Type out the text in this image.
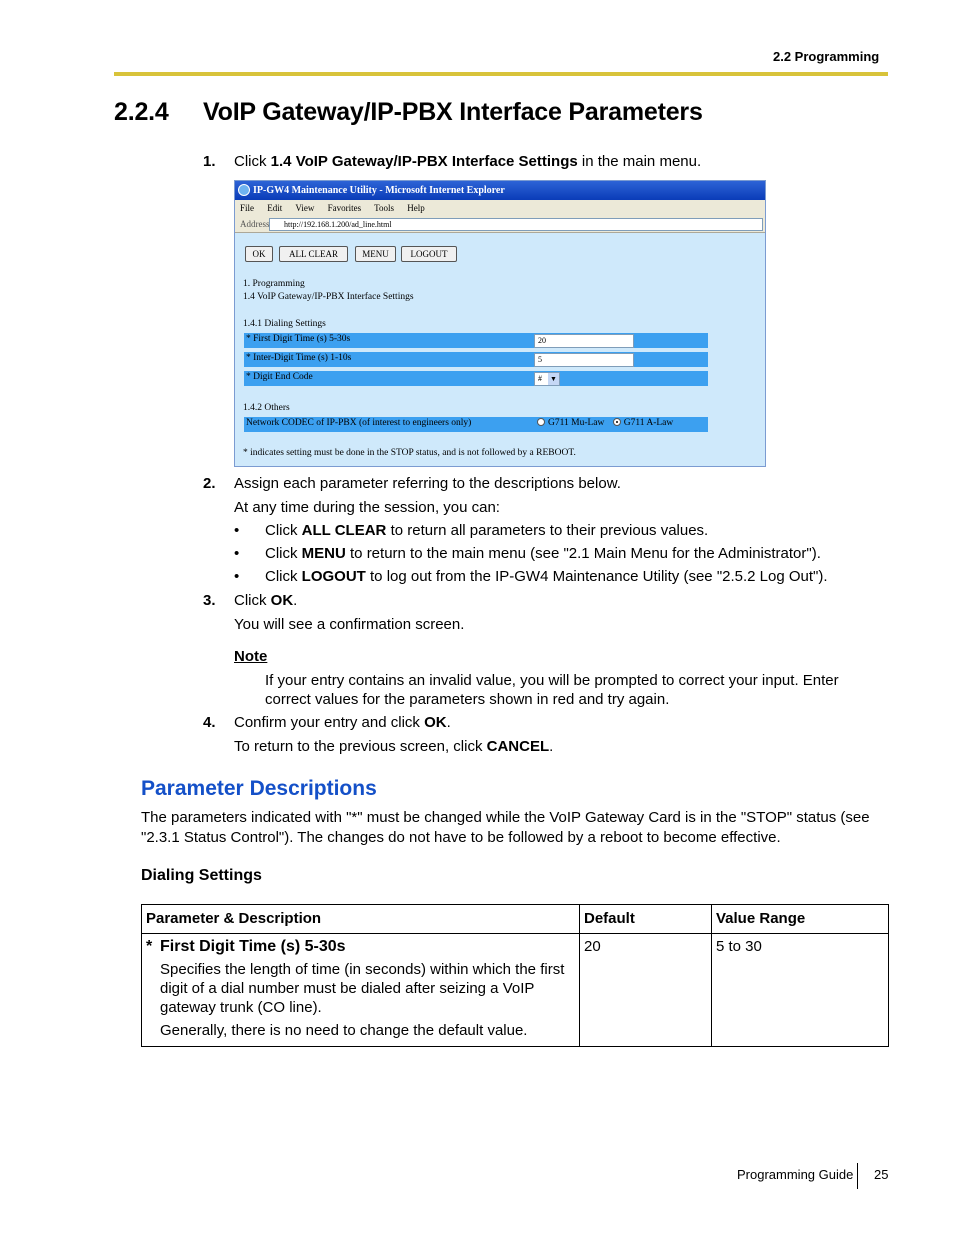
2.2 Programming
2.2.4 VoIP Gateway/IP-PBX Interface Parameters
1. Click 1.4 VoIP Gateway/IP-PBX Interface Settings in the main menu.
IP-GW4 Maintenance Utility - Microsoft Internet Explorer
File Edit View Favorites Tools Help
Address	http://192.168.1.200/ad_line.html
OK	ALL CLEAR	MENU	LOGOUT
1. Programming
1.4 VoIP Gateway/IP-PBX Interface Settings
1.4.1 Dialing Settings
* First Digit Time (s) 5-30s	20
* Inter-Digit Time (s) 1-10s	5
* Digit End Code	# ▼
1.4.2 Others
Network CODEC of IP-PBX (of interest to engineers only)	G711 Mu-Law G711 A-Law
* indicates setting must be done in the STOP status, and is not followed by a REBOOT.
2. Assign each parameter referring to the descriptions below.
At any time during the session, you can:
• Click ALL CLEAR to return all parameters to their previous values.
• Click MENU to return to the main menu (see "2.1 Main Menu for the Administrator").
• Click LOGOUT to log out from the IP-GW4 Maintenance Utility (see "2.5.2 Log Out").
3. Click OK.
You will see a confirmation screen.
Note
If your entry contains an invalid value, you will be prompted to correct your input. Enter correct values for the parameters shown in red and try again.
4. Confirm your entry and click OK.
To return to the previous screen, click CANCEL.
Parameter Descriptions
The parameters indicated with "*" must be changed while the VoIP Gateway Card is in the "STOP" status (see "2.3.1 Status Control"). The changes do not have to be followed by a reboot to become effective.
Dialing Settings
Parameter & Description	Default	Value Range

* First Digit Time (s) 5-30s
Specifies the length of time (in seconds) within which the first digit of a dial number must be dialed after seizing a VoIP gateway trunk (CO line).
Generally, there is no need to change the default value.	20	5 to 30
Programming Guide 25
